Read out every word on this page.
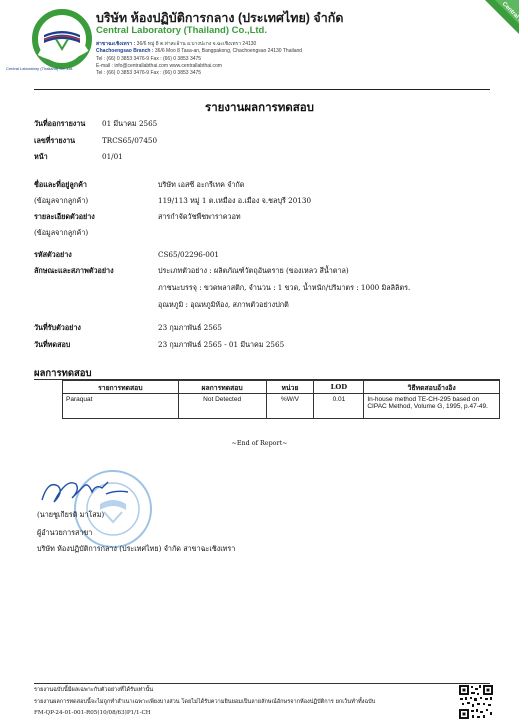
Central Laboratory (Thailand) Co.,Ltd.
บริษัท ห้องปฏิบัติการกลาง (ประเทศไทย) จำกัด
Central Laboratory (Thailand) Co.,Ltd.
สาขาฉะเชิงเทรา : 36/6 หมู่ 8 ต.ท่าสะอ้าน อ.บางปะกง จ.ฉะเชิงเทรา 24130
Chachoengsao Branch : 36/6 Moo 8 Tasa-an, Bangpakong, Chachoengsao 24130 Thailand
Tel : (66) 0 3853 3476-9 Fax : (66) 0 3853 3475
E-mail : info@centrallabthai.com www.centrallabthai.com
Tel : (66) 0 3853 3476-9 Fax : (66) 0 3853 3475
Central Lab
รายงานผลการทดสอบ
วันที่ออกรายงาน 01 มีนาคม 2565
เลขที่รายงาน	TRCS65/07450
หน้า	01/01
ชื่อและที่อยู่ลูกค้า	บริษัท เอสซี อะกรีเทค จำกัด
(ข้อมูลจากลูกค้า)	119/113 หมู่ 1 ต.เหมือง อ.เมือง จ.ชลบุรี 20130
รายละเอียดตัวอย่าง	สารกำจัดวัชพืชพาราควอท
(ข้อมูลจากลูกค้า)
รหัสตัวอย่าง	CS65/02296-001
ลักษณะและสภาพตัวอย่าง	ประเภทตัวอย่าง : ผลิตภัณฑ์วัตถุอันตราย (ของเหลว สีน้ำตาล)
ภาชนะบรรจุ : ขวดพลาสติก, จำนวน : 1 ขวด, น้ำหนัก/ปริมาตร : 1000 มิลลิลิตร.
อุณหภูมิ : อุณหภูมิห้อง, สภาพตัวอย่างปกติ
วันที่รับตัวอย่าง	23 กุมภาพันธ์ 2565
วันที่ทดสอบ	23 กุมภาพันธ์ 2565 - 01 มีนาคม 2565
ผลการทดสอบ
รายการทดสอบ	ผลการทดสอบ	หน่วย	LOD	วิธีทดสอบอ้างอิง
Paraquat	Not Detected	%W/V	0.01	In-house method TE-CH-295 based on
CIPAC Method, Volume G, 1995, p.47-49.
~End of Report~
(นายชูเกียรติ มาโสม)
ผู้อำนวยการสาขา
บริษัท ห้องปฏิบัติการกลาง (ประเทศไทย) จำกัด สาขาฉะเชิงเทรา
รายงานฉบับนี้มีผลเฉพาะกับตัวอย่างที่ได้รับเท่านั้น
รายงานผลการทดสอบนี้จะไม่ถูกทำสำเนาเฉพาะเพียงบางส่วน โดยไม่ได้รับความยินยอมเป็นลายลักษณ์อักษรจากห้องปฏิบัติการ ยกเว้นทำทั้งฉบับ
FM-QP-24-01-001-R05(10/08/63)P1/1-CH
